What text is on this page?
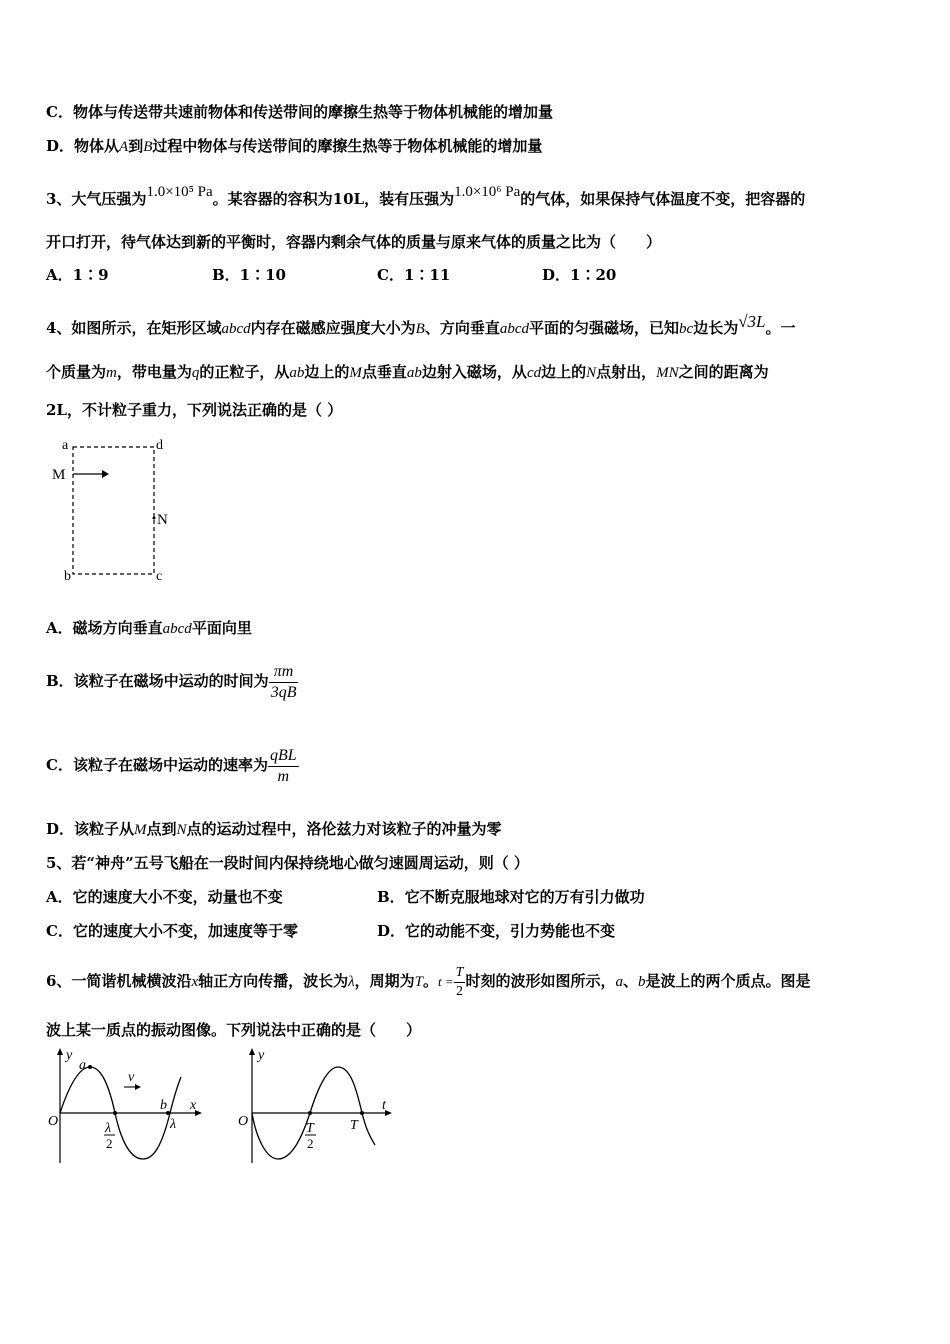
C．物体与传送带共速前物体和传送带间的摩擦生热等于物体机械能的增加量
D．物体从A到B过程中物体与传送带间的摩擦生热等于物体机械能的增加量
3、大气压强为1.0×10⁵ Pa。某容器的容积为10L，装有压强为1.0×10⁶ Pa的气体，如果保持气体温度不变，把容器的
开口打开，待气体达到新的平衡时，容器内剩余气体的质量与原来气体的质量之比为（　　）
A．1∶9	B．1∶10	C．1∶11	D．1∶20
4、如图所示，在矩形区域abcd内存在磁感应强度大小为B、方向垂直abcd平面的匀强磁场，已知bc边长为√3L。一
个质量为m，带电量为q的正粒子，从ab边上的M点垂直ab边射入磁场，从cd边上的N点射出，MN之间的距离为
2L，不计粒子重力，下列说法正确的是（ ）
a	d
b	c
M
N
A．磁场方向垂直abcd平面向里
B．该粒子在磁场中运动的时间为 $\frac{\pi m}{3qB}$
C．该粒子在磁场中运动的速率为 $\frac{\text{qBL}}{m}$
D．该粒子从M点到N点的运动过程中，洛伦兹力对该粒子的冲量为零
5、若“神舟”五号飞船在一段时间内保持绕地心做匀速圆周运动，则（ ）
A．它的速度大小不变，动量也不变	B．它不断克服地球对它的万有引力做功
C．它的速度大小不变，加速度等于零	D．它的动能不变，引力势能也不变
6、一简谐机械横波沿x轴正方向传播，波长为λ，周期为T。$t = \frac{T}{2}$ 时刻的波形如图所示，a、b是波上的两个质点。图是
波上某一质点的振动图像。下列说法中正确的是（　　）
y
a
O
v
b x
λ
2
λ
y
O
t
T
2
T
